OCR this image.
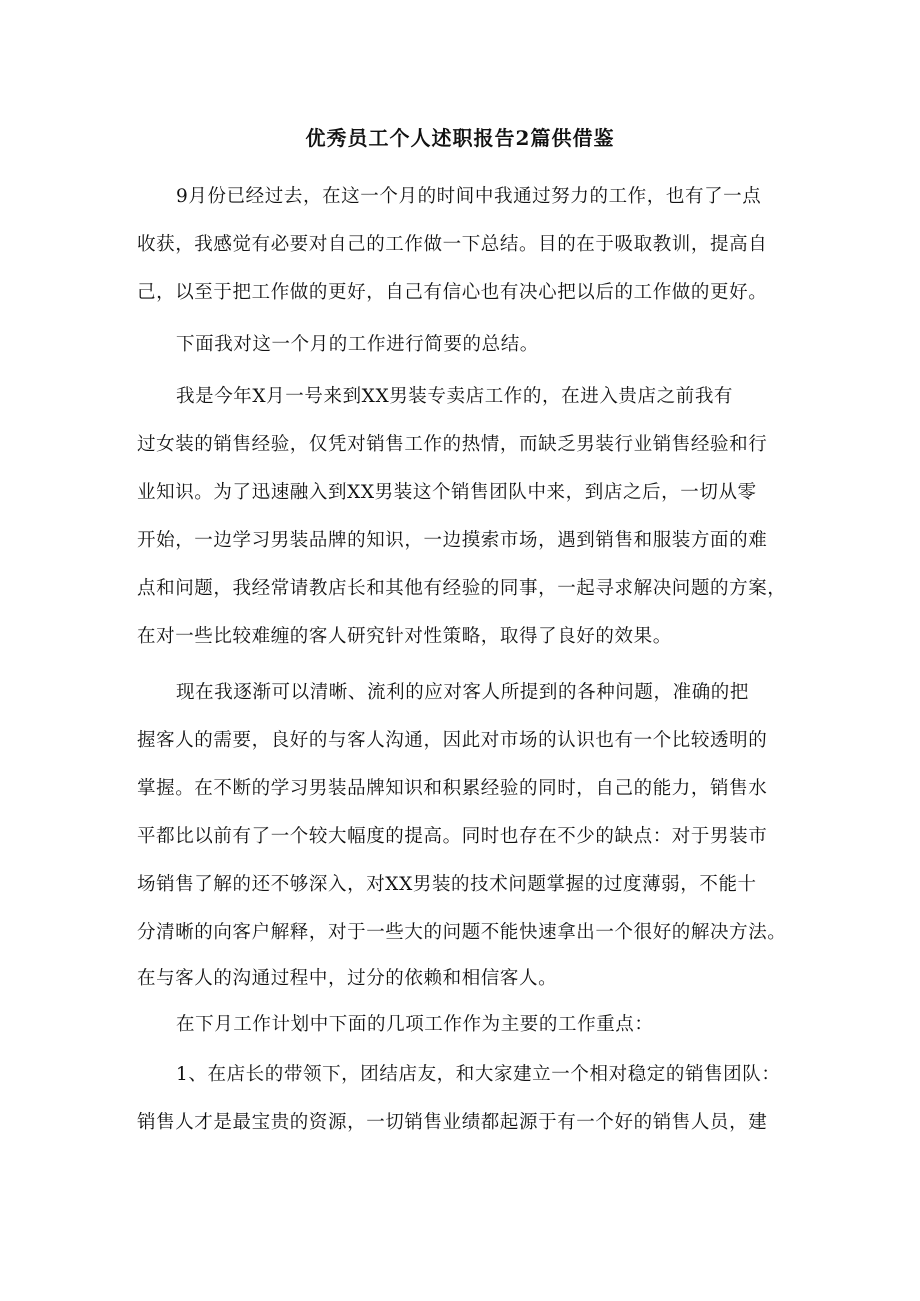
优秀员工个人述职报告2篇供借鉴
9月份已经过去，在这一个月的时间中我通过努力的工作，也有了一点
收获，我感觉有必要对自己的工作做一下总结。目的在于吸取教训，提高自
己，以至于把工作做的更好，自己有信心也有决心把以后的工作做的更好。
下面我对这一个月的工作进行简要的总结。
我是今年X月一号来到XX男装专卖店工作的，在进入贵店之前我有
过女装的销售经验，仅凭对销售工作的热情，而缺乏男装行业销售经验和行
业知识。为了迅速融入到XX男装这个销售团队中来，到店之后，一切从零
开始，一边学习男装品牌的知识，一边摸索市场，遇到销售和服装方面的难
点和问题，我经常请教店长和其他有经验的同事，一起寻求解决问题的方案，
在对一些比较难缠的客人研究针对性策略，取得了良好的效果。
现在我逐渐可以清晰、流利的应对客人所提到的各种问题，准确的把
握客人的需要，良好的与客人沟通，因此对市场的认识也有一个比较透明的
掌握。在不断的学习男装品牌知识和积累经验的同时，自己的能力，销售水
平都比以前有了一个较大幅度的提高。同时也存在不少的缺点：对于男装市
场销售了解的还不够深入，对XX男装的技术问题掌握的过度薄弱，不能十
分清晰的向客户解释，对于一些大的问题不能快速拿出一个很好的解决方法。
在与客人的沟通过程中，过分的依赖和相信客人。
在下月工作计划中下面的几项工作作为主要的工作重点：
1、在店长的带领下，团结店友，和大家建立一个相对稳定的销售团队：
销售人才是最宝贵的资源，一切销售业绩都起源于有一个好的销售人员，建
